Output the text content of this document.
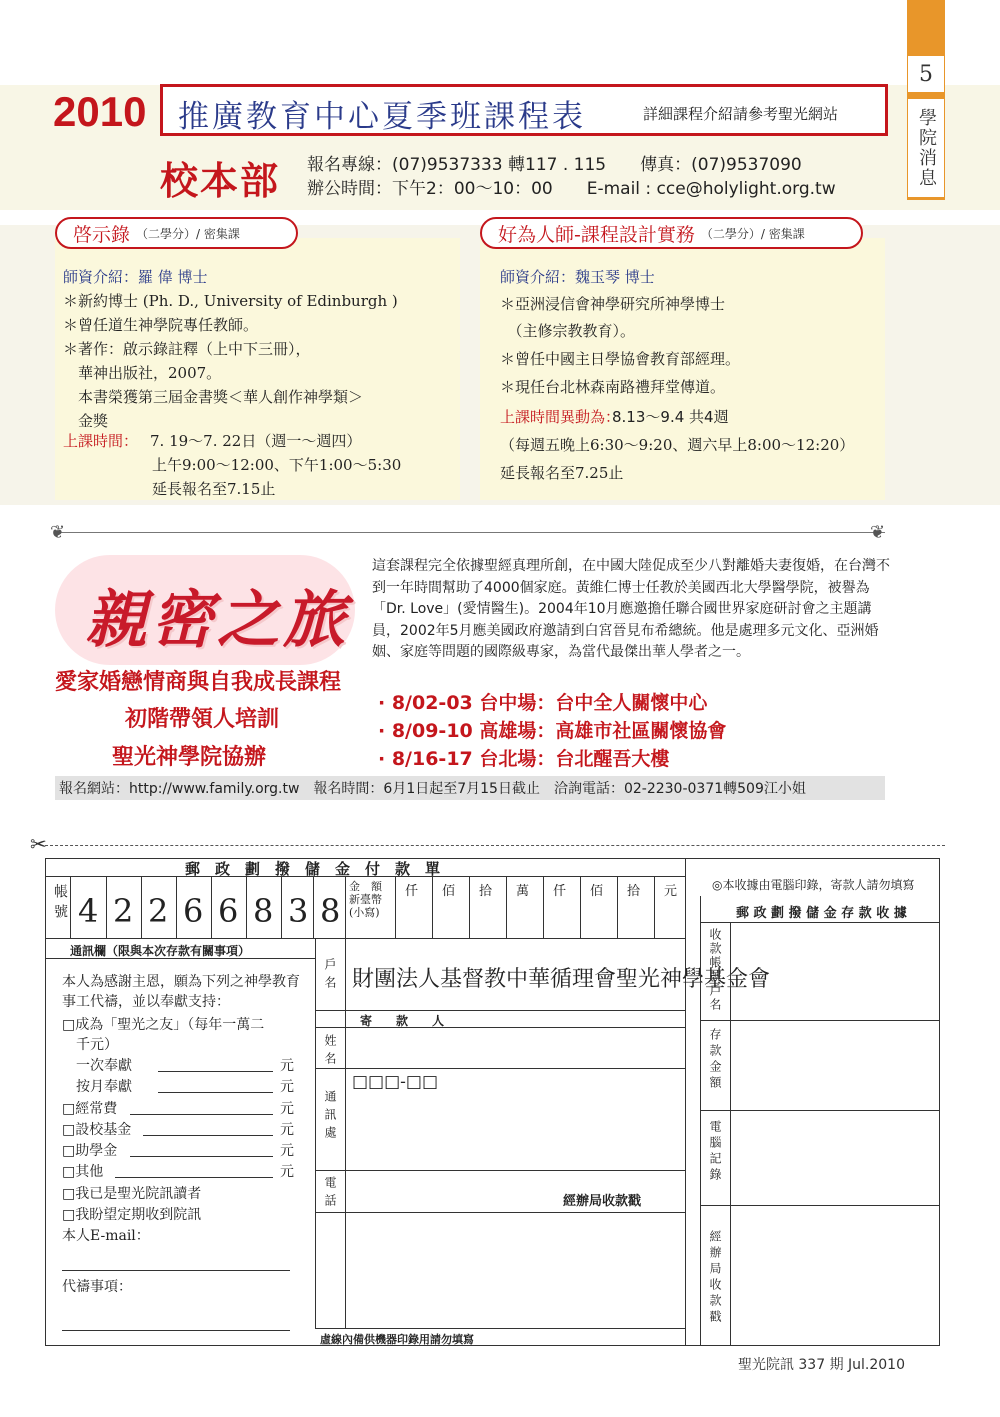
5
學院消息
2010 推廣教育中心夏季班課程表	詳細課程介紹請參考聖光網站
校本部 報名專線：(07)9537333 轉117 . 115　　傳真：(07)9537090
辦公時間：下午2：00～10：00　　E-mail : cce@holylight.org.tw
啓示錄 （二學分）/ 密集課
師資介紹：羅 偉 博士
＊新約博士 (Ph. D., University of Edinburgh )
＊曾任道生神學院專任教師。
＊著作：啟示錄註釋（上中下三冊），
　華神出版社，2007。
　本書榮獲第三屆金書獎＜華人創作神學類＞
　金獎
上課時間： 7. 19～7. 22日（週一～週四）
上午9:00～12:00、下午1:00～5:30
延長報名至7.15止
好為人師-課程設計實務 （二學分）/ 密集課
師資介紹：魏玉琴 博士
＊亞洲浸信會神學研究所神學博士
　（主修宗教教育）。
＊曾任中國主日學協會教育部經理。
＊現任台北林森南路禮拜堂傳道。
上課時間異動為：
8.13～9.4 共4週
（每週五晚上6:30～9:20、週六早上8:00～12:20）
延長報名至7.25止
❦	❦
親密之旅
愛家婚戀情商與自我成長課程
初階帶領人培訓
聖光神學院協辦
這套課程完全依據聖經真理所創，在中國大陸促成至少八對離婚夫妻復婚，在台灣不到一年時間幫助了4000個家庭。黃維仁博士任教於美國西北大學醫學院，被譽為「Dr. Love」(愛情醫生)。2004年10月應邀擔任聯合國世界家庭研討會之主題講員，2002年5月應美國政府邀請到白宮晉見布希總統。他是處理多元文化、亞洲婚姻、家庭等問題的國際級專家，為當代最傑出華人學者之一。
· 8/02-03 台中場：台中全人關懷中心
· 8/09-10 高雄場：高雄市社區關懷協會
· 8/16-17 台北場：台北醒吾大樓
報名網站：http://www.family.org.tw　報名時間：6月1日起至7月15日截止　洽詢電話：02-2230-0371轉509江小姐
✂
郵　政　劃　撥　儲　金　付　款　單
帳號 4 2 2 6 6 8 3 8
金　額
新臺幣
(小寫)
仟 佰 拾 萬 仟 佰 拾 元
通訊欄（限與本次存款有關事項）
本人為感謝主恩，願為下列之神學教育事工代禱，並以奉獻支持：
□成為「聖光之友」（每年一萬二
　千元）
　一次奉獻	元
　按月奉獻	元
□經常費	元
□設校基金	元
□助學金	元
□其他	元
□我已是聖光院訊讀者
□我盼望定期收到院訊
本人E-mail：
代禱事項：
戶名 財團法人基督教中華循理會聖光神學基金會
寄　　款　　人
姓名
通訊處
□□□-□□
電話	經辦局收款戳
虛線內備供機器印錄用請勿填寫
◎本收據由電腦印錄，寄款人請勿填寫
郵 政 劃 撥 儲 金 存 款 收 據
收款帳號戶名
存款金額
電腦記錄
經辦局收款戳
聖光院訊 337 期 Jul.2010
